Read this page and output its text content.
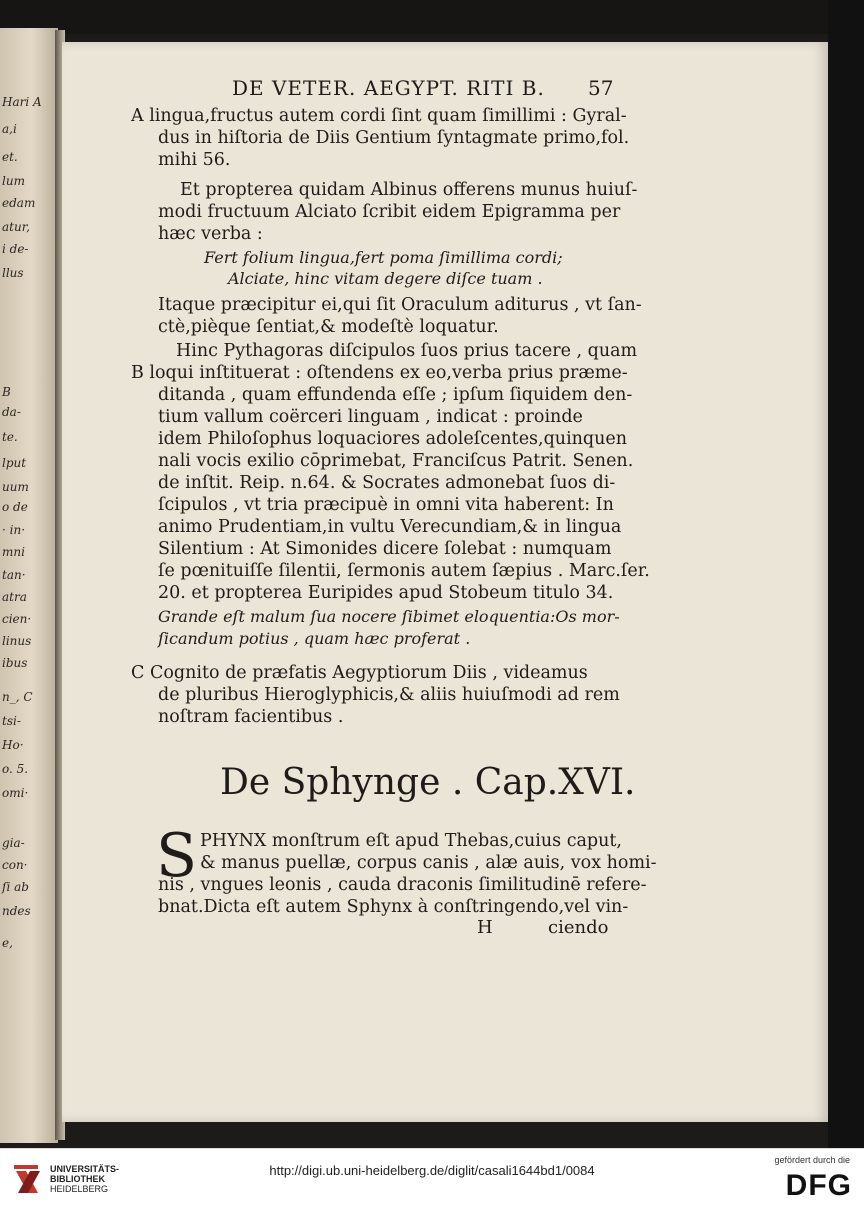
Hari A
a,i
et.
lum
edam
atur,
i de-
llus
B
da-
te.
lput
uum
o de
· in·
mni
tan·
atra
cien·
linus
ibus
n_, C
tsi-
Ho·
o. 5.
omi·
gia-
con·
ſi ab
ndes
e,
DE VETER. AEGYPT. RITI B. 57
A lingua,fructus autem cordi ſint quam ſimillimi : Gyral-
dus in hiſtoria de Diis Gentium ſyntagmate primo,fol.
mihi 56.
Et propterea quidam Albinus offerens munus huiuſ-
modi fructuum Alciato ſcribit eidem Epigramma per
hæc verba :
Fert folium lingua,fert poma ſimillima cordi;
Alciate, hinc vitam degere diſce tuam .
Itaque præcipitur ei,qui ſit Oraculum aditurus , vt ſan-
ctè,pièque ſentiat,& modeſtè loquatur.
Hinc Pythagoras diſcipulos ſuos prius tacere , quam
B loqui inſtituerat : oſtendens ex eo,verba prius præme-
ditanda , quam effundenda eſſe ; ipſum ſiquidem den-
tium vallum coërceri linguam , indicat : proinde
idem Philoſophus loquaciores adoleſcentes,quinquen
nali vocis exilio cōprimebat, Franciſcus Patrit. Senen.
de inſtit. Reip. n.64. & Socrates admonebat ſuos di-
ſcipulos , vt tria præcipuè in omni vita haberent: In
animo Prudentiam,in vultu Verecundiam,& in lingua
Silentium : At Simonides dicere ſolebat : numquam
ſe pœnituiſſe ſilentii, ſermonis autem ſæpius . Marc.ſer.
20. et propterea Euripides apud Stobeum titulo 34.
Grande eſt malum ſua nocere ſibimet eloquentia:Os mor-
ſicandum potius , quam hæc proferat .
C Cognito de præfatis Aegyptiorum Diis , videamus
de pluribus Hieroglyphicis,& aliis huiuſmodi ad rem
noſtram facientibus .
De Sphynge . Cap.XVI.
S PHYNX monſtrum eſt apud Thebas,cuius caput,
& manus puellæ, corpus canis , alæ auis, vox homi-
nis , vngues leonis , cauda draconis ſimilitudinē refere-
bnat.Dicta eſt autem Sphynx à conſtringendo,vel vin-
H	ciendo
UNIVERSITÄTS-
BIBLIOTHEK
HEIDELBERG
http://digi.ub.uni-heidelberg.de/diglit/casali1644bd1/0084
gefördert durch die
DFG
